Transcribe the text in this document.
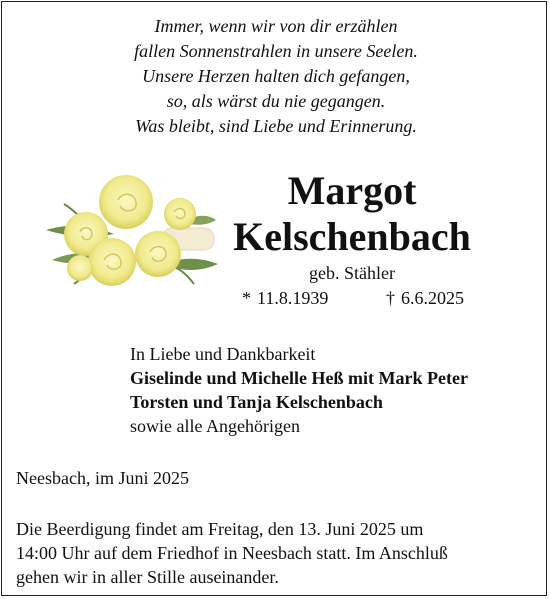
Immer, wenn wir von dir erzählen
fallen Sonnenstrahlen in unsere Seelen.
Unsere Herzen halten dich gefangen,
so, als wärst du nie gegangen.
Was bleibt, sind Liebe und Erinnerung.
Margot
Kelschenbach
geb. Stähler
* 11.8.1939	† 6.6.2025
In Liebe und Dankbarkeit
Giselinde und Michelle Heß mit Mark Peter
Torsten und Tanja Kelschenbach
sowie alle Angehörigen
Neesbach, im Juni 2025
Die Beerdigung findet am Freitag, den 13. Juni 2025 um
14:00 Uhr auf dem Friedhof in Neesbach statt. Im Anschluß
gehen wir in aller Stille auseinander.
